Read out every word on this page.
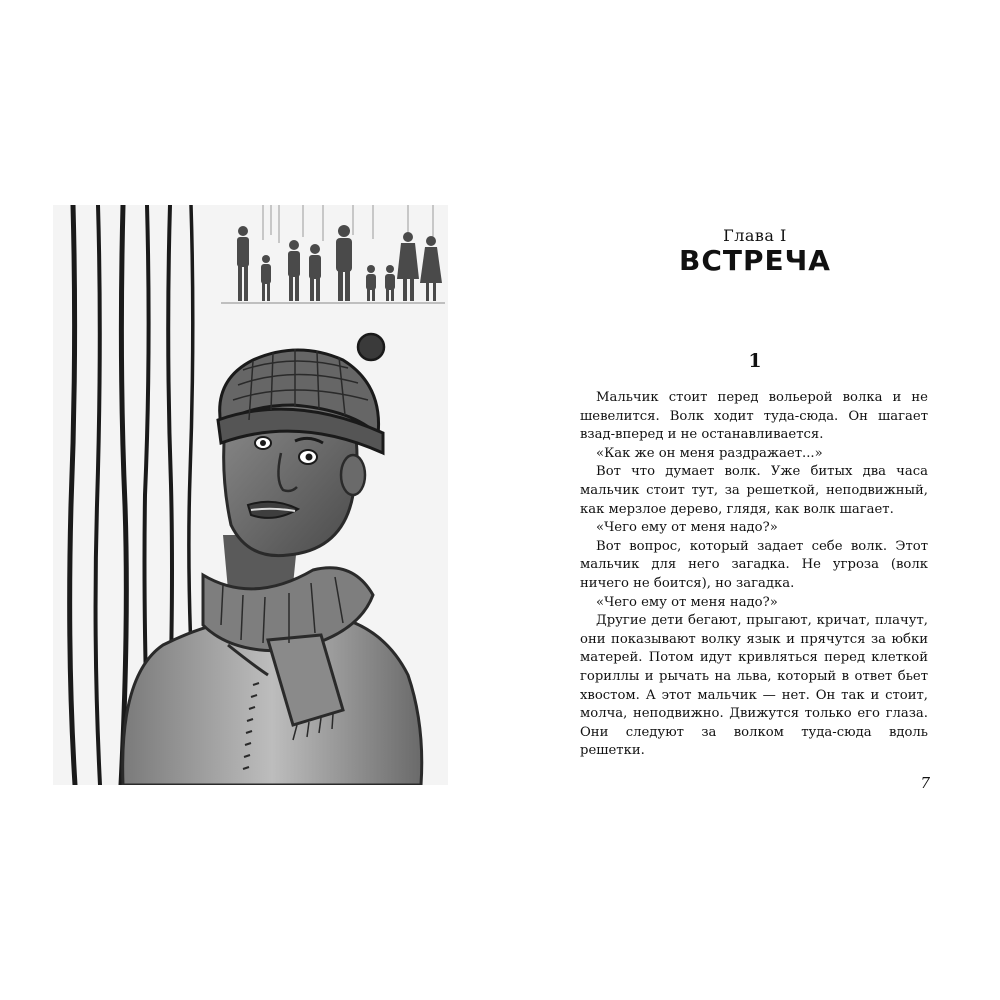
Глава I
ВСТРЕЧА
1

Мальчик стоит перед вольерой волка и не шевелится. Волк ходит туда-сюда. Он шагает взад-вперед и не останавливается.

«Как же он меня раздражает...»

Вот что думает волк. Уже битых два часа мальчик стоит тут, за решеткой, неподвижный, как мерзлое дерево, глядя, как волк шагает.

«Чего ему от меня надо?»

Вот вопрос, который задает себе волк. Этот мальчик для него загадка. Не угроза (волк ничего не боится), но загадка.

«Чего ему от меня надо?»

Другие дети бегают, прыгают, кричат, плачут, они показывают волку язык и прячутся за юбки матерей. Потом идут кривляться перед клеткой гориллы и рычать на льва, который в ответ бьет хвостом. А этот мальчик — нет. Он так и стоит, молча, неподвижно. Движутся только его глаза. Они следуют за волком туда-сюда вдоль решетки.

7
